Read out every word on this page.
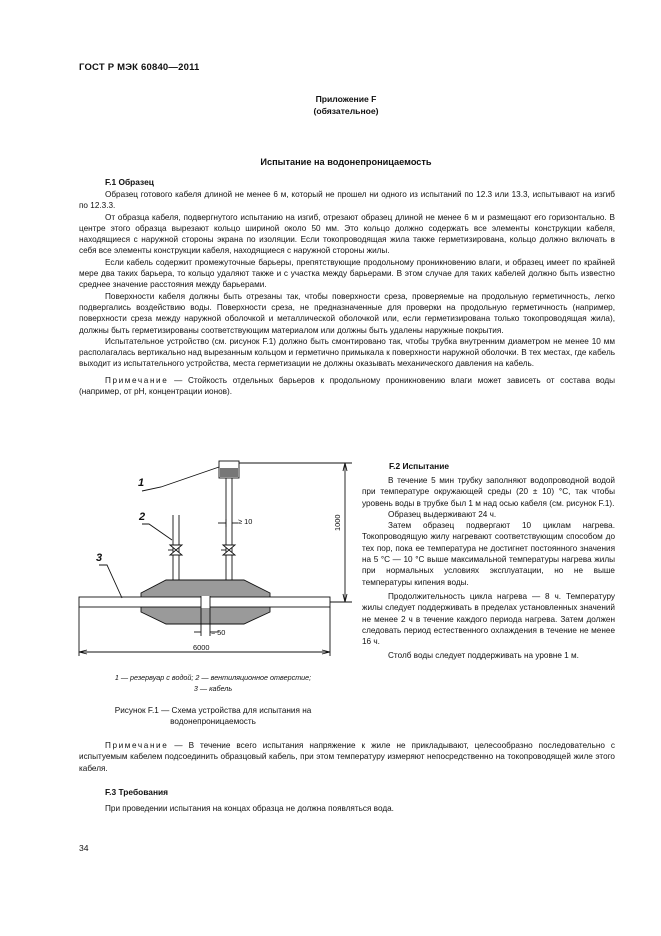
ГОСТ Р МЭК 60840—2011
Приложение F
(обязательное)
Испытание на водонепроницаемость
F.1 Образец

Образец готового кабеля длиной не менее 6 м, который не прошел ни одного из испытаний по 12.3 или 13.3, испытывают на изгиб по 12.3.3.

От образца кабеля, подвергнутого испытанию на изгиб, отрезают образец длиной не менее 6 м и размещают его горизонтально. В центре этого образца вырезают кольцо шириной около 50 мм. Это кольцо должно содержать все элементы конструкции кабеля, находящиеся с наружной стороны экрана по изоляции. Если токопроводящая жила также герметизирована, кольцо должно включать в себя все элементы конструкции кабеля, находящиеся с наружной стороны жилы.

Если кабель содержит промежуточные барьеры, препятствующие продольному проникновению влаги, и образец имеет по крайней мере два таких барьера, то кольцо удаляют также и с участка между барьерами. В этом случае для таких кабелей должно быть известно среднее значение расстояния между барьерами.

Поверхности кабеля должны быть отрезаны так, чтобы поверхности среза, проверяемые на продольную герметичность, легко подвергались воздействию воды. Поверхности среза, не предназначенные для проверки на продольную герметичность (например, поверхности среза между наружной оболочкой и металлической оболочкой или, если герметизирована только токопроводящая жила), должны быть герметизированы соответствующим материалом или должны быть удалены наружные покрытия.

Испытательное устройство (см. рисунок F.1) должно быть смонтировано так, чтобы трубка внутренним диаметром не менее 10 мм располагалась вертикально над вырезанным кольцом и герметично примыкала к поверхности наружной оболочки. В тех местах, где кабель выходит из испытательного устройства, места герметизации не должны оказывать механического давления на кабель.

Примечание — Стойкость отдельных барьеров к продольному проникновению влаги может зависеть от состава воды (например, от pH, концентрации ионов).

1
2
3
1000
≥ 10
≈ 50
6000
1 — резервуар с водой; 2 — вентиляционное отверстие;
3 — кабель
Рисунок F.1 — Схема устройства для испытания на водонепроницаемость
F.2 Испытание

В течение 5 мин трубку заполняют водопроводной водой при температуре окружающей среды (20 ± 10) °С, так чтобы уровень воды в трубке был 1 м над осью кабеля (см. рисунок F.1).

Образец выдерживают 24 ч.

Затем образец подвергают 10 циклам нагрева. Токопроводящую жилу нагревают соответствующим способом до тех пор, пока ее температура не достигнет постоянного значения на 5 °С — 10 °С выше максимальной температуры нагрева жилы при нормальных условиях эксплуатации, но не выше температуры кипения воды.

Продолжительность цикла нагрева — 8 ч. Температуру жилы следует поддерживать в пределах установленных значений не менее 2 ч в течение каждого периода нагрева. Затем должен следовать период естественного охлаждения в течение не менее 16 ч.

Столб воды следует поддерживать на уровне 1 м.

Примечание — В течение всего испытания напряжение к жиле не прикладывают, целесообразно последовательно с испытуемым кабелем подсоединить образцовый кабель, при этом температуру измеряют непосредственно на токопроводящей жиле этого кабеля.

F.3 Требования

При проведении испытания на концах образца не должна появляться вода.

34
